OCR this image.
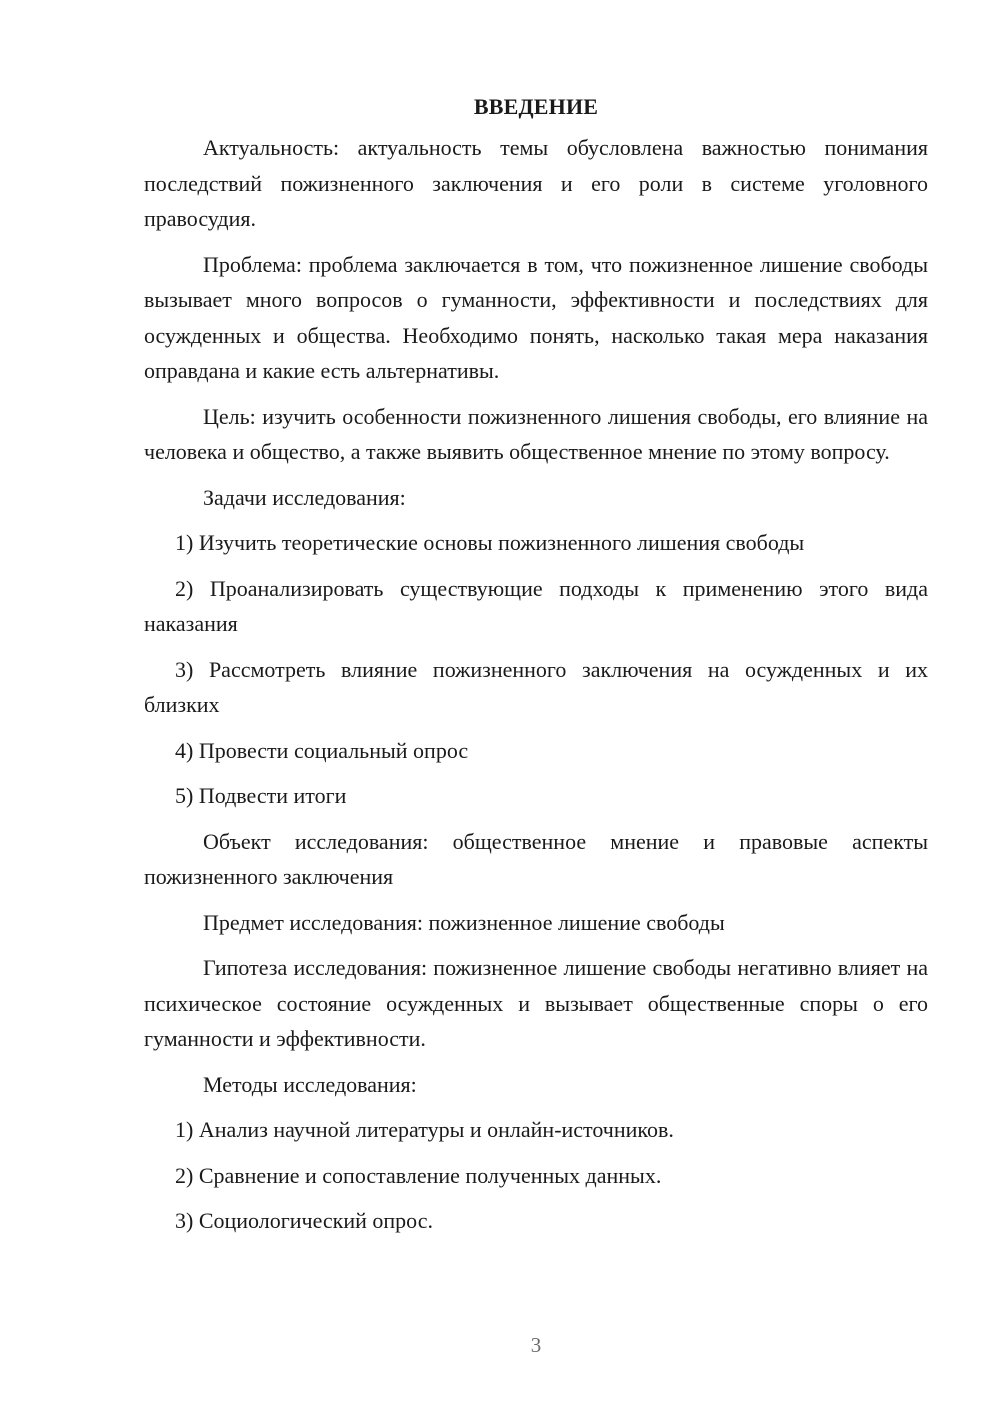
ВВЕДЕНИЕ

Актуальность: актуальность темы обусловлена важностью понимания последствий пожизненного заключения и его роли в системе уголовного правосудия.

Проблема: проблема заключается в том, что пожизненное лишение свободы вызывает много вопросов о гуманности, эффективности и последствиях для осужденных и общества. Необходимо понять, насколько такая мера наказания оправдана и какие есть альтернативы.

Цель: изучить особенности пожизненного лишения свободы, его влияние на человека и общество, а также выявить общественное мнение по этому вопросу.

Задачи исследования:

1) Изучить теоретические основы пожизненного лишения свободы

2) Проанализировать существующие подходы к применению этого вида наказания

3) Рассмотреть влияние пожизненного заключения на осужденных и их близких

4) Провести социальный опрос

5) Подвести итоги

Объект исследования: общественное мнение и правовые аспекты пожизненного заключения

Предмет исследования: пожизненное лишение свободы

Гипотеза исследования: пожизненное лишение свободы негативно влияет на психическое состояние осужденных и вызывает общественные споры о его гуманности и эффективности.

Методы исследования:

1) Анализ научной литературы и онлайн-источников.

2) Сравнение и сопоставление полученных данных.

3) Социологический опрос.

3
